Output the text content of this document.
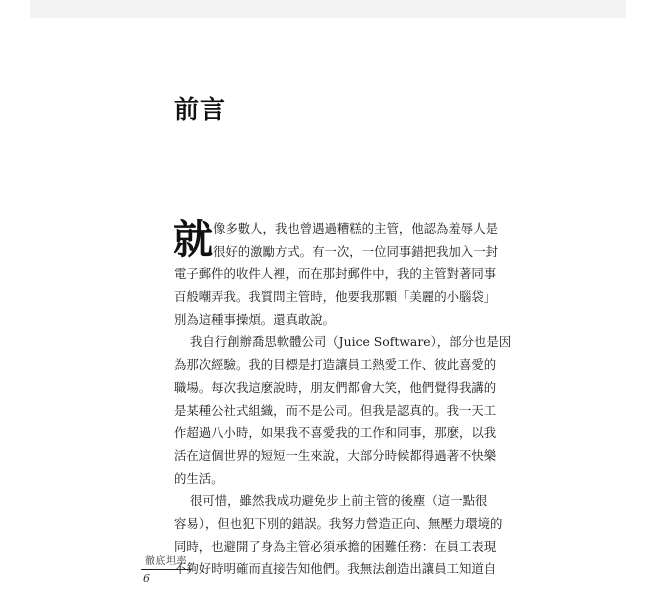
前言
就 像多數人，我也曾遇過糟糕的主管，他認為羞辱人是
很好的激勵方式。有一次，一位同事錯把我加入一封
電子郵件的收件人裡，而在那封郵件中，我的主管對著同事
百般嘲弄我。我質問主管時，他要我那顆「美麗的小腦袋」
別為這種事操煩。還真敢說。
我自行創辦喬思軟體公司（Juice Software），部分也是因
為那次經驗。我的目標是打造讓員工熱愛工作、彼此喜愛的
職場。每次我這麼說時，朋友們都會大笑，他們覺得我講的
是某種公社式組織，而不是公司。但我是認真的。我一天工
作超過八小時，如果我不喜愛我的工作和同事，那麼，以我
活在這個世界的短短一生來說，大部分時候都得過著不快樂
的生活。
很可惜，雖然我成功避免步上前主管的後塵（這一點很
容易），但也犯下別的錯誤。我努力營造正向、無壓力環境的
同時，也避開了身為主管必須承擔的困難任務：在員工表現
不夠好時明確而直接告知他們。我無法創造出讓員工知道自
徹底坦率
6
